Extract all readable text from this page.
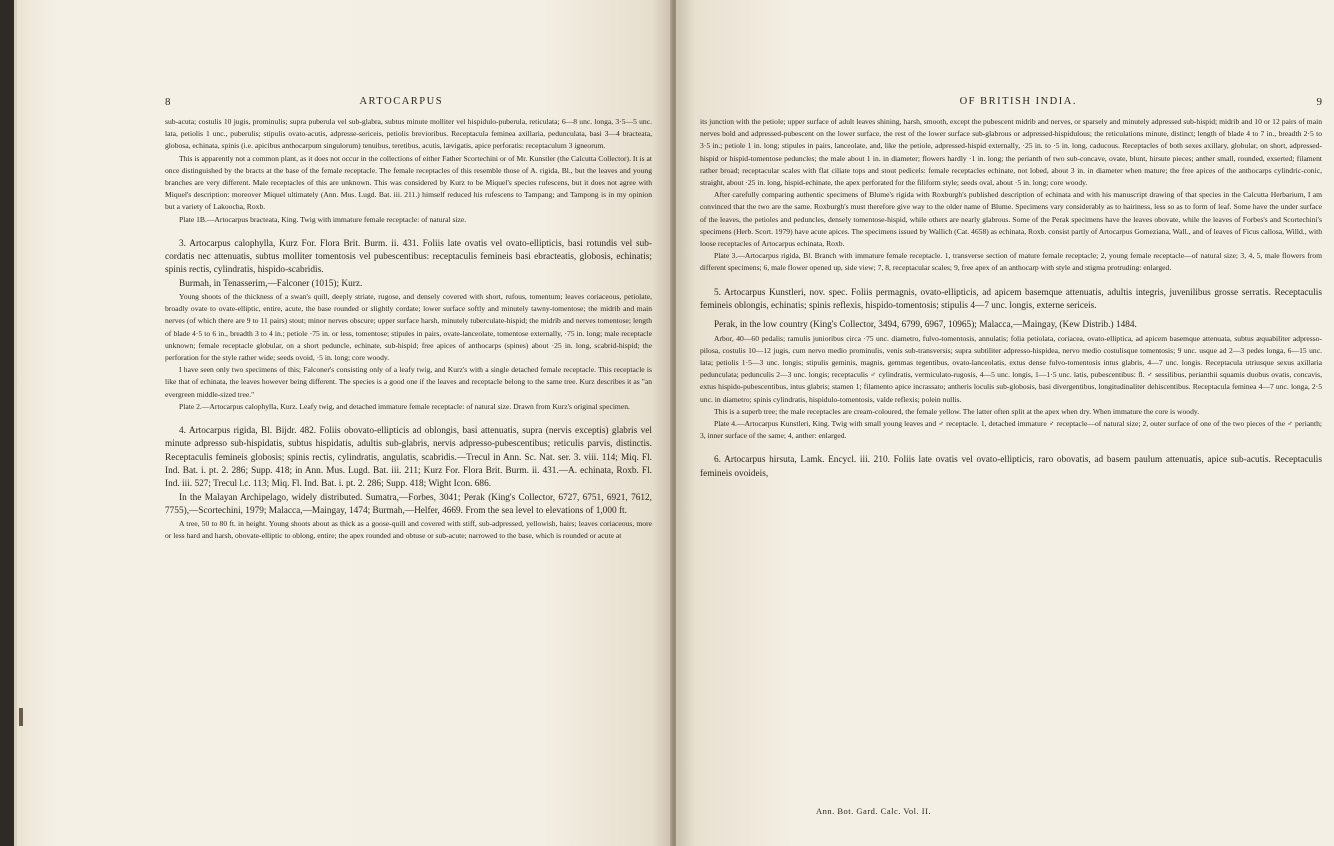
8	ARTOCARPUS

sub-acuta; costulis 10 jugis, prominulis; supra puberula vel sub-glabra, subtus minute molliter vel hispidulo-puberula, reticulata; 6—8 unc. longa, 3·5—5 unc. lata, petiolis 1 unc., puberulis; stipulis ovato-acutis, adpresse-sericeis, petiolis brevioribus. Receptacula feminea axillaria, pedunculata, basi 3—4 bracteata, globosa, echinata, spinis (i.e. apicibus anthocarpum singulorum) tenuibus, teretibus, acutis, lævigatis, apice perforatis: receptaculum 3 igneorum.

This is apparently not a common plant, as it does not occur in the collections of either Father Scortechini or of Mr. Kunstler (the Calcutta Collector). It is at once distinguished by the bracts at the base of the female receptacle. The female receptacles of this resemble those of A. rigida, Bl., but the leaves and young branches are very different. Male receptacles of this are unknown. This was considered by Kurz to be Miquel's species rufescens, but it does not agree with Miquel's description: moreover Miquel ultimately (Ann. Mus. Lugd. Bat. iii. 211.) himself reduced his rufescens to Tampang; and Tampong is in my opinion but a variety of Lakoocha, Roxb.

Plate 1B.—Artocarpus bracteata, King. Twig with immature female receptacle: of natural size.

3. Artocarpus calophylla, Kurz For. Flora Brit. Burm. ii. 431. Foliis late ovatis vel ovato-ellipticis, basi rotundis vel sub-cordatis nec attenuatis, subtus molliter tomentosis vel pubescentibus: receptaculis femineis basi ebracteatis, globosis, echinatis; spinis rectis, cylindratis, hispido-scabridis.

Burmah, in Tenasserim,—Falconer (1015); Kurz.

Young shoots of the thickness of a swan's quill, deeply striate, rugose, and densely covered with short, rufous, tomentum; leaves coriaceous, petiolate, broadly ovate to ovate-elliptic, entire, acute, the base rounded or slightly cordate; lower surface softly and minutely tawny-tomentose; the midrib and main nerves (of which there are 9 to 11 pairs) stout; minor nerves obscure; upper surface harsh, minutely tuberculate-hispid; the midrib and nerves tomentose; length of blade 4·5 to 6 in., breadth 3 to 4 in.; petiole ·75 in. or less, tomentose; stipules in pairs, ovate-lanceolate, tomentose externally, ·75 in. long; male receptacle unknown; female receptacle globular, on a short peduncle, echinate, sub-hispid; free apices of anthocarps (spines) about ·25 in. long, scabrid-hispid; the perforation for the style rather wide; seeds ovoid, ·5 in. long; core woody.

I have seen only two specimens of this; Falconer's consisting only of a leafy twig, and Kurz's with a single detached female receptacle. This receptacle is like that of echinata, the leaves however being different. The species is a good one if the leaves and receptacle belong to the same tree. Kurz describes it as "an evergreen middle-sized tree."

Plate 2.—Artocarpus calophylla, Kurz. Leafy twig, and detached immature female receptacle: of natural size. Drawn from Kurz's original specimen.

4. Artocarpus rigida, Bl. Bijdr. 482. Foliis obovato-ellipticis ad oblongis, basi attenuatis, supra (nervis exceptis) glabris vel minute adpresso sub-hispidatis, subtus hispidatis, adultis sub-glabris, nervis adpresso-pubescentibus; reticulis parvis, distinctis. Receptaculis femineis globosis; spinis rectis, cylindratis, angulatis, scabridis.—Trecul in Ann. Sc. Nat. ser. 3. viii. 114; Miq. Fl. Ind. Bat. i. pt. 2. 286; Supp. 418; in Ann. Mus. Lugd. Bat. iii. 211; Kurz For. Flora Brit. Burm. ii. 431.—A. echinata, Roxb. Fl. Ind. iii. 527; Trecul l.c. 113; Miq. Fl. Ind. Bat. i. pt. 2. 286; Supp. 418; Wight Icon. 686.

In the Malayan Archipelago, widely distributed. Sumatra,—Forbes, 3041; Perak (King's Collector, 6727, 6751, 6921, 7612, 7755),—Scortechini, 1979; Malacca,—Maingay, 1474; Burmah,—Helfer, 4669. From the sea level to elevations of 1,000 ft.

A tree, 50 to 80 ft. in height. Young shoots about as thick as a goose-quill and covered with stiff, sub-adpressed, yellowish, hairs; leaves coriaceous, more or less hard and harsh, obovate-elliptic to oblong, entire; the apex rounded and obtuse or sub-acute; narrowed to the base, which is rounded or acute at

OF BRITISH INDIA.	9

its junction with the petiole; upper surface of adult leaves shining, harsh, smooth, except the pubescent midrib and nerves, or sparsely and minutely adpressed sub-hispid; midrib and 10 or 12 pairs of main nerves bold and adpressed-pubescent on the lower surface, the rest of the lower surface sub-glabrous or adpressed-hispidulous; the reticulations minute, distinct; length of blade 4 to 7 in., breadth 2·5 to 3·5 in.; petiole 1 in. long; stipules in pairs, lanceolate, and, like the petiole, adpressed-hispid externally, ·25 in. to ·5 in. long, caducous. Receptacles of both sexes axillary, globular, on short, adpressed-hispid or hispid-tomentose peduncles; the male about 1 in. in diameter; flowers hardly ·1 in. long; the perianth of two sub-concave, ovate, blunt, hirsute pieces; anther small, rounded, exserted; filament rather broad; receptacular scales with flat ciliate tops and stout pedicels: female receptacles echinate, not lobed, about 3 in. in diameter when mature; the free apices of the anthocarps cylindric-conic, straight, about ·25 in. long, hispid-echinate, the apex perforated for the filiform style; seeds oval, about ·5 in. long; core woody.

After carefully comparing authentic specimens of Blume's rigida with Roxburgh's published description of echinata and with his manuscript drawing of that species in the Calcutta Herbarium, I am convinced that the two are the same. Roxburgh's must therefore give way to the older name of Blume. Specimens vary considerably as to hairiness, less so as to form of leaf. Some have the under surface of the leaves, the petioles and peduncles, densely tomentose-hispid, while others are nearly glabrous. Some of the Perak specimens have the leaves obovate, while the leaves of Forbes's and Scortechini's specimens (Herb. Scort. 1979) have acute apices. The specimens issued by Wallich (Cat. 4658) as echinata, Roxb. consist partly of Artocarpus Gomeziana, Wall., and of leaves of Ficus callosa, Willd., with loose receptacles of Artocarpus echinata, Roxb.

Plate 3.—Artocarpus rigida, Bl. Branch with immature female receptacle. 1, transverse section of mature female receptacle; 2, young female receptacle—of natural size; 3, 4, 5, male flowers from different specimens; 6, male flower opened up, side view; 7, 8, receptacular scales; 9, free apex of an anthocarp with style and stigma protruding: enlarged.

5. Artocarpus Kunstleri, nov. spec. Foliis permagnis, ovato-ellipticis, ad apicem basemque attenuatis, adultis integris, juvenilibus grosse serratis. Receptaculis femineis oblongis, echinatis; spinis reflexis, hispido-tomentosis; stipulis 4—7 unc. longis, externe sericeis.

Perak, in the low country (King's Collector, 3494, 6799, 6967, 10965); Malacca,—Maingay, (Kew Distrib.) 1484.

Arbor, 40—60 pedalis; ramulis junioribus circa ·75 unc. diametro, fulvo-tomentosis, annulatis; folia petiolata, coriacea, ovato-elliptica, ad apicem basemque attenuata, subtus æquabiliter adpresso-pilosa, costulis 10—12 jugis, cum nervo medio prominulis, venis sub-transversis; supra subtiliter adpresso-hispidea, nervo medio costulisque tomentosis; 9 unc. usque ad 2—3 pedes longa, 6—15 unc. lata; petiolis 1·5—3 unc. longis; stipulis geminis, magnis, gemmas tegentibus, ovato-lanceolatis, extus dense fulvo-tomentosis intus glabris, 4—7 unc. longis. Receptacula utriusque sexus axillaria pedunculata; pedunculis 2—3 unc. longis; receptaculis ♂ cylindratis, vermiculato-rugosis, 4—5 unc. longis, 1—1·5 unc. latis, pubescentibus: fl. ♂ sessilibus, perianthii squamis duobus ovatis, concavis, extus hispido-pubescentibus, intus glabris; stamen 1; filamento apice incrassato; antheris loculis sub-globosis, basi divergentibus, longitudinaliter dehiscentibus. Receptacula feminea 4—7 unc. longa, 2·5 unc. in diametro; spinis cylindratis, hispidulo-tomentosis, valde reflexis; polein nullis.

This is a superb tree; the male receptacles are cream-coloured, the female yellow. The latter often split at the apex when dry. When immature the core is woody.

Plate 4.—Artocarpus Kunstleri, King. Twig with small young leaves and ♂ receptacle. 1, detached immature ♂ receptacle—of natural size; 2, outer surface of one of the two pieces of the ♂ perianth; 3, inner surface of the same; 4, anther: enlarged.

6. Artocarpus hirsuta, Lamk. Encycl. iii. 210. Foliis late ovatis vel ovato-ellipticis, raro obovatis, ad basem paulum attenuatis, apice sub-acutis. Receptaculis femineis ovoideis,

Ann. Bot. Gard. Calc. Vol. II.
